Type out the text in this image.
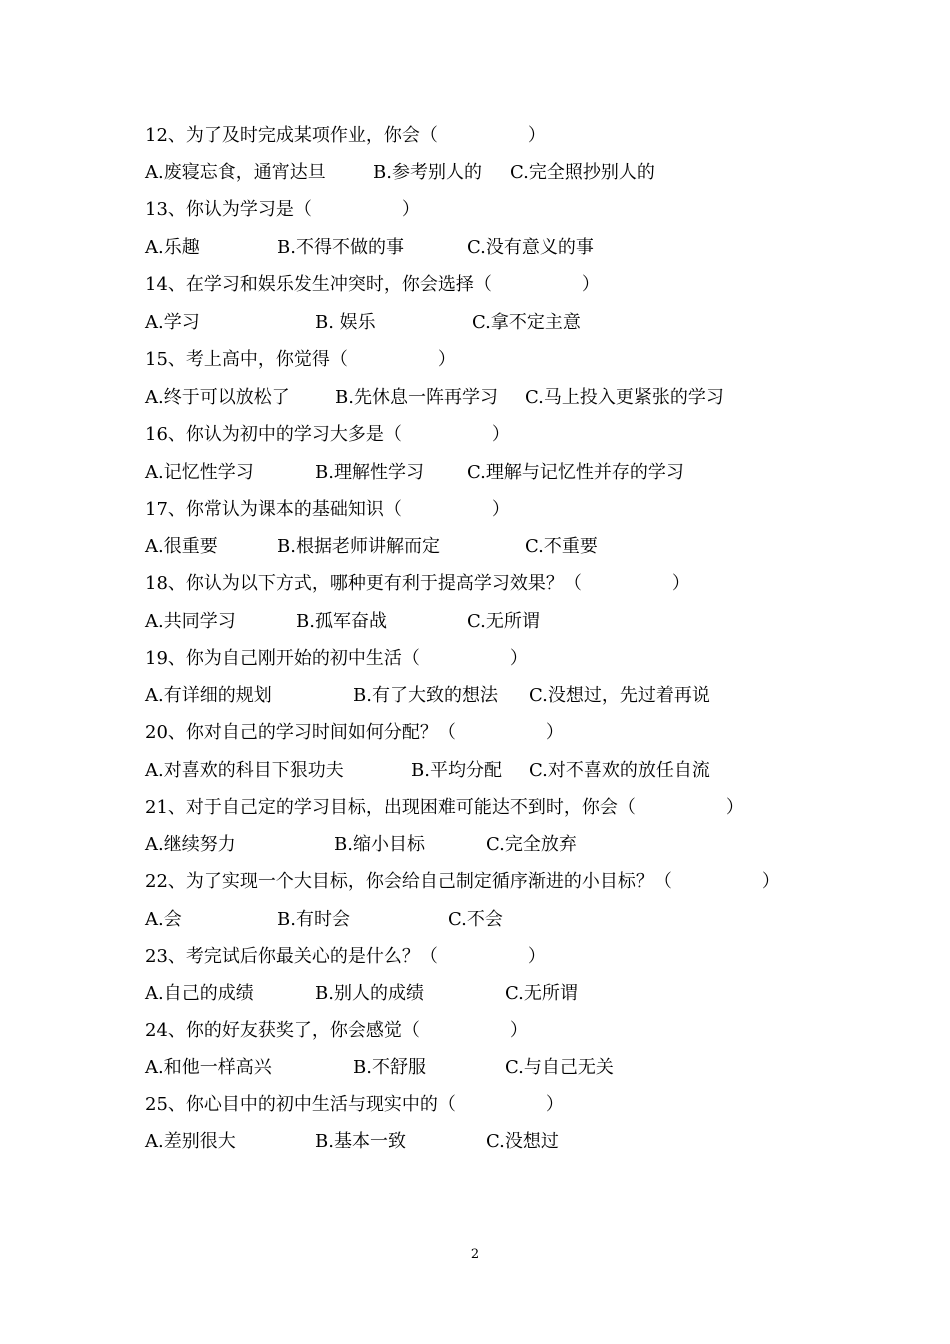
12、为了及时完成某项作业，你会（　　　　　）
A.废寝忘食，通宵达旦	B.参考别人的 C.完全照抄别人的
13、你认为学习是（　　　　　）
A.乐趣	B.不得不做的事	C.没有意义的事
14、在学习和娱乐发生冲突时，你会选择（　　　　　）
A.学习	B. 娱乐	C.拿不定主意
15、考上高中，你觉得（　　　　　）
A.终于可以放松了	B.先休息一阵再学习 C.马上投入更紧张的学习
16、你认为初中的学习大多是（　　　　　）
A.记忆性学习	B.理解性学习 C.理解与记忆性并存的学习
17、你常认为课本的基础知识（　　　　　）
A.很重要	B.根据老师讲解而定	C.不重要
18、你认为以下方式，哪种更有利于提高学习效果？（　　　　　）
A.共同学习	B.孤军奋战	C.无所谓
19、你为自己刚开始的初中生活（　　　　　）
A.有详细的规划	B.有了大致的想法 C.没想过，先过着再说
20、你对自己的学习时间如何分配？（　　　　　）
A.对喜欢的科目下狠功夫	B.平均分配 C.对不喜欢的放任自流
21、对于自己定的学习目标，出现困难可能达不到时，你会（　　　　　）
A.继续努力	B.缩小目标	C.完全放弃
22、为了实现一个大目标，你会给自己制定循序渐进的小目标？（　　　　　）
A.会	B.有时会	C.不会
23、考完试后你最关心的是什么？（　　　　　）
A.自己的成绩	B.别人的成绩	C.无所谓
24、你的好友获奖了，你会感觉（　　　　　）
A.和他一样高兴	B.不舒服	C.与自己无关
25、你心目中的初中生活与现实中的（　　　　　）
A.差别很大	B.基本一致	C.没想过
2
